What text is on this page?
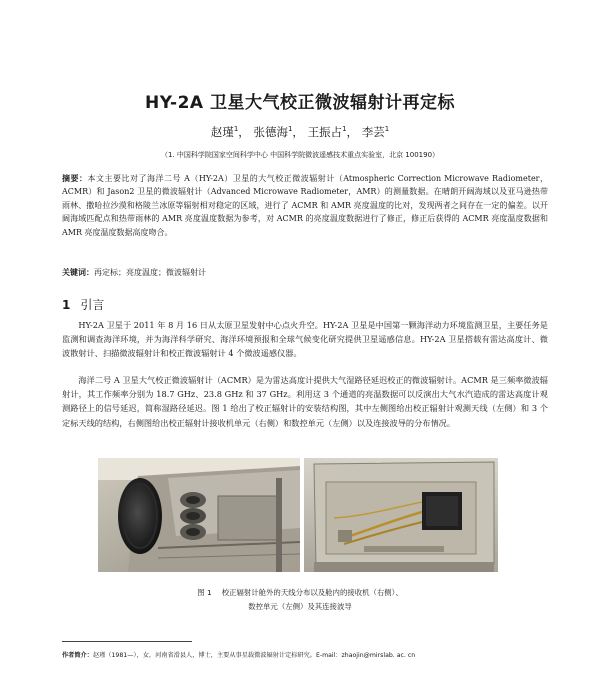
HY-2A 卫星大气校正微波辐射计再定标
赵瑾$^1$， 张德海$^1$， 王振占$^1$， 李芸$^1$
（1. 中国科学院国家空间科学中心 中国科学院微波遥感技术重点实验室，北京 100190）
摘要：本文主要比对了海洋二号 A（HY-2A）卫星的大气校正微波辐射计（Atmospheric Correction Microwave Radiometer，ACMR）和 Jason2 卫星的微波辐射计（Advanced Microwave Radiometer，AMR）的测量数据。在晴朗开阔海域以及亚马逊热带雨林、撒哈拉沙漠和格陵兰冰原等辐射相对稳定的区域，进行了 ACMR 和 AMR 亮度温度的比对，发现两者之间存在一定的偏差。以开阔海域匹配点和热带雨林的 AMR 亮度温度数据为参考，对 ACMR 的亮度温度数据进行了修正，修正后获得的 ACMR 亮度温度数据和 AMR 亮度温度数据高度吻合。
关键词：再定标；亮度温度；微波辐射计
1 引言
HY-2A 卫星于 2011 年 8 月 16 日从太原卫星发射中心点火升空。HY-2A 卫星是中国第一颗海洋动力环境监测卫星，主要任务是监测和调查海洋环境，并为海洋科学研究、海洋环境预报和全球气候变化研究提供卫星遥感信息。HY-2A 卫星搭载有雷达高度计、微波散射计、扫描微波辐射计和校正微波辐射计 4 个微波遥感仪器。
海洋二号 A 卫星大气校正微波辐射计（ACMR）是为雷达高度计提供大气湿路径延迟校正的微波辐射计。ACMR 是三频率微波辐射计，其工作频率分别为 18.7 GHz、23.8 GHz 和 37 GHz。利用这 3 个通道的亮温数据可以反演出大气水汽造成的雷达高度计观测路径上的信号延迟，简称湿路径延迟。图 1 给出了校正辐射计的安装结构图，其中左侧图给出校正辐射计观测天线（左侧）和 3 个定标天线的结构，右侧图给出校正辐射计接收机单元（右侧）和数控单元（左侧）以及连接波导的分布情况。
图 1 校正辐射计舱外的天线分布以及舱内的接收机（右侧）、
数控单元（左侧）及其连接波导
作者简介：赵瑾（1981—），女，河南省滑县人，博士，主要从事星载微波辐射计定标研究。E-mail：zhaojin@mirslab. ac. cn
